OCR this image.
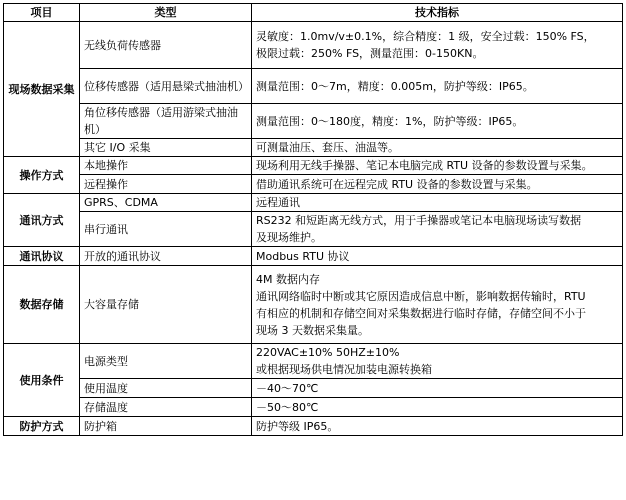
项目	类型	技术指标
现场数据采集	无线负荷传感器	灵敏度：1.0mv/v±0.1%，综合精度：1 级，安全过载：150% FS，
极限过载：250% FS，测量范围：0-150KN。

	位移传感器（适用悬梁式抽油机）	测量范围：0～7m，精度：0.005m，防护等级：IP65。

	角位移传感器（适用游梁式抽油机）	测量范围：0～180度，精度：1%，防护等级：IP65。

	其它 I/O 采集	可测量油压、套压、油温等。

操作方式	本地操作	现场利用无线手操器、笔记本电脑完成 RTU 设备的参数设置与采集。

	远程操作	借助通讯系统可在远程完成 RTU 设备的参数设置与采集。

通讯方式	GPRS、CDMA	远程通讯

	串行通讯	RS232 和短距离无线方式，用于手操器或笔记本电脑现场读写数据
及现场维护。

通讯协议	开放的通讯协议	Modbus RTU 协议

数据存储	大容量存储	4M 数据内存
通讯网络临时中断或其它原因造成信息中断，影响数据传输时，RTU
有相应的机制和存储空间对采集数据进行临时存储，存储空间不小于
现场 3 天数据采集量。

使用条件	电源类型	220VAC±10% 50HZ±10%
或根据现场供电情况加装电源转换箱

	使用温度	－40～70℃

	存储温度	－50～80℃

防护方式	防护箱	防护等级 IP65。
